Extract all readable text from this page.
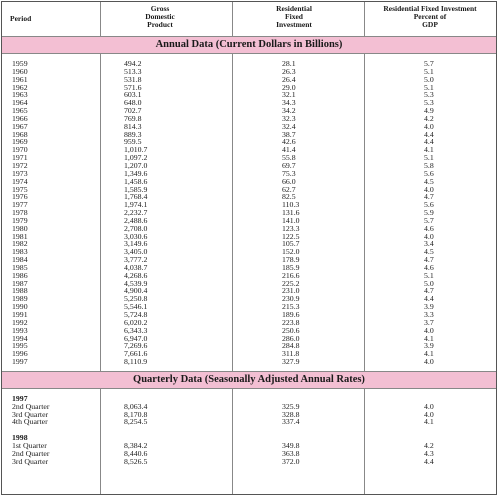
Period
Gross
Domestic
Product
Residential
Fixed
Investment
Residential Fixed Investment
Percent of
GDP
Annual Data (Current Dollars in Billions)
1959	494.2	28.1	5.7
1960	513.3	26.3	5.1
1961	531.8	26.4	5.0
1962	571.6	29.0	5.1
1963	603.1	32.1	5.3
1964	648.0	34.3	5.3
1965	702.7	34.2	4.9
1966	769.8	32.3	4.2
1967	814.3	32.4	4.0
1968	889.3	38.7	4.4
1969	959.5	42.6	4.4
1970	1,010.7	41.4	4.1
1971	1,097.2	55.8	5.1
1972	1,207.0	69.7	5.8
1973	1,349.6	75.3	5.6
1974	1,458.6	66.0	4.5
1975	1,585.9	62.7	4.0
1976	1,768.4	82.5	4.7
1977	1,974.1	110.3	5.6
1978	2,232.7	131.6	5.9
1979	2,488.6	141.0	5.7
1980	2,708.0	123.3	4.6
1981	3,030.6	122.5	4.0
1982	3,149.6	105.7	3.4
1983	3,405.0	152.0	4.5
1984	3,777.2	178.9	4.7
1985	4,038.7	185.9	4.6
1986	4,268.6	216.6	5.1
1987	4,539.9	225.2	5.0
1988	4,900.4	231.0	4.7
1989	5,250.8	230.9	4.4
1990	5,546.1	215.3	3.9
1991	5,724.8	189.6	3.3
1992	6,020.2	223.8	3.7
1993	6,343.3	250.6	4.0
1994	6,947.0	286.0	4.1
1995	7,269.6	284.8	3.9
1996	7,661.6	311.8	4.1
1997	8,110.9	327.9	4.0
Quarterly Data (Seasonally Adjusted Annual Rates)
1997
2nd Quarter	8,063.4	325.9	4.0
3rd Quarter	8,170.8	328.8	4.0
4th Quarter	8,254.5	337.4	4.1
1998
1st Quarter	8,384.2	349.8	4.2
2nd Quarter	8,440.6	363.8	4.3
3rd Quarter	8,526.5	372.0	4.4
